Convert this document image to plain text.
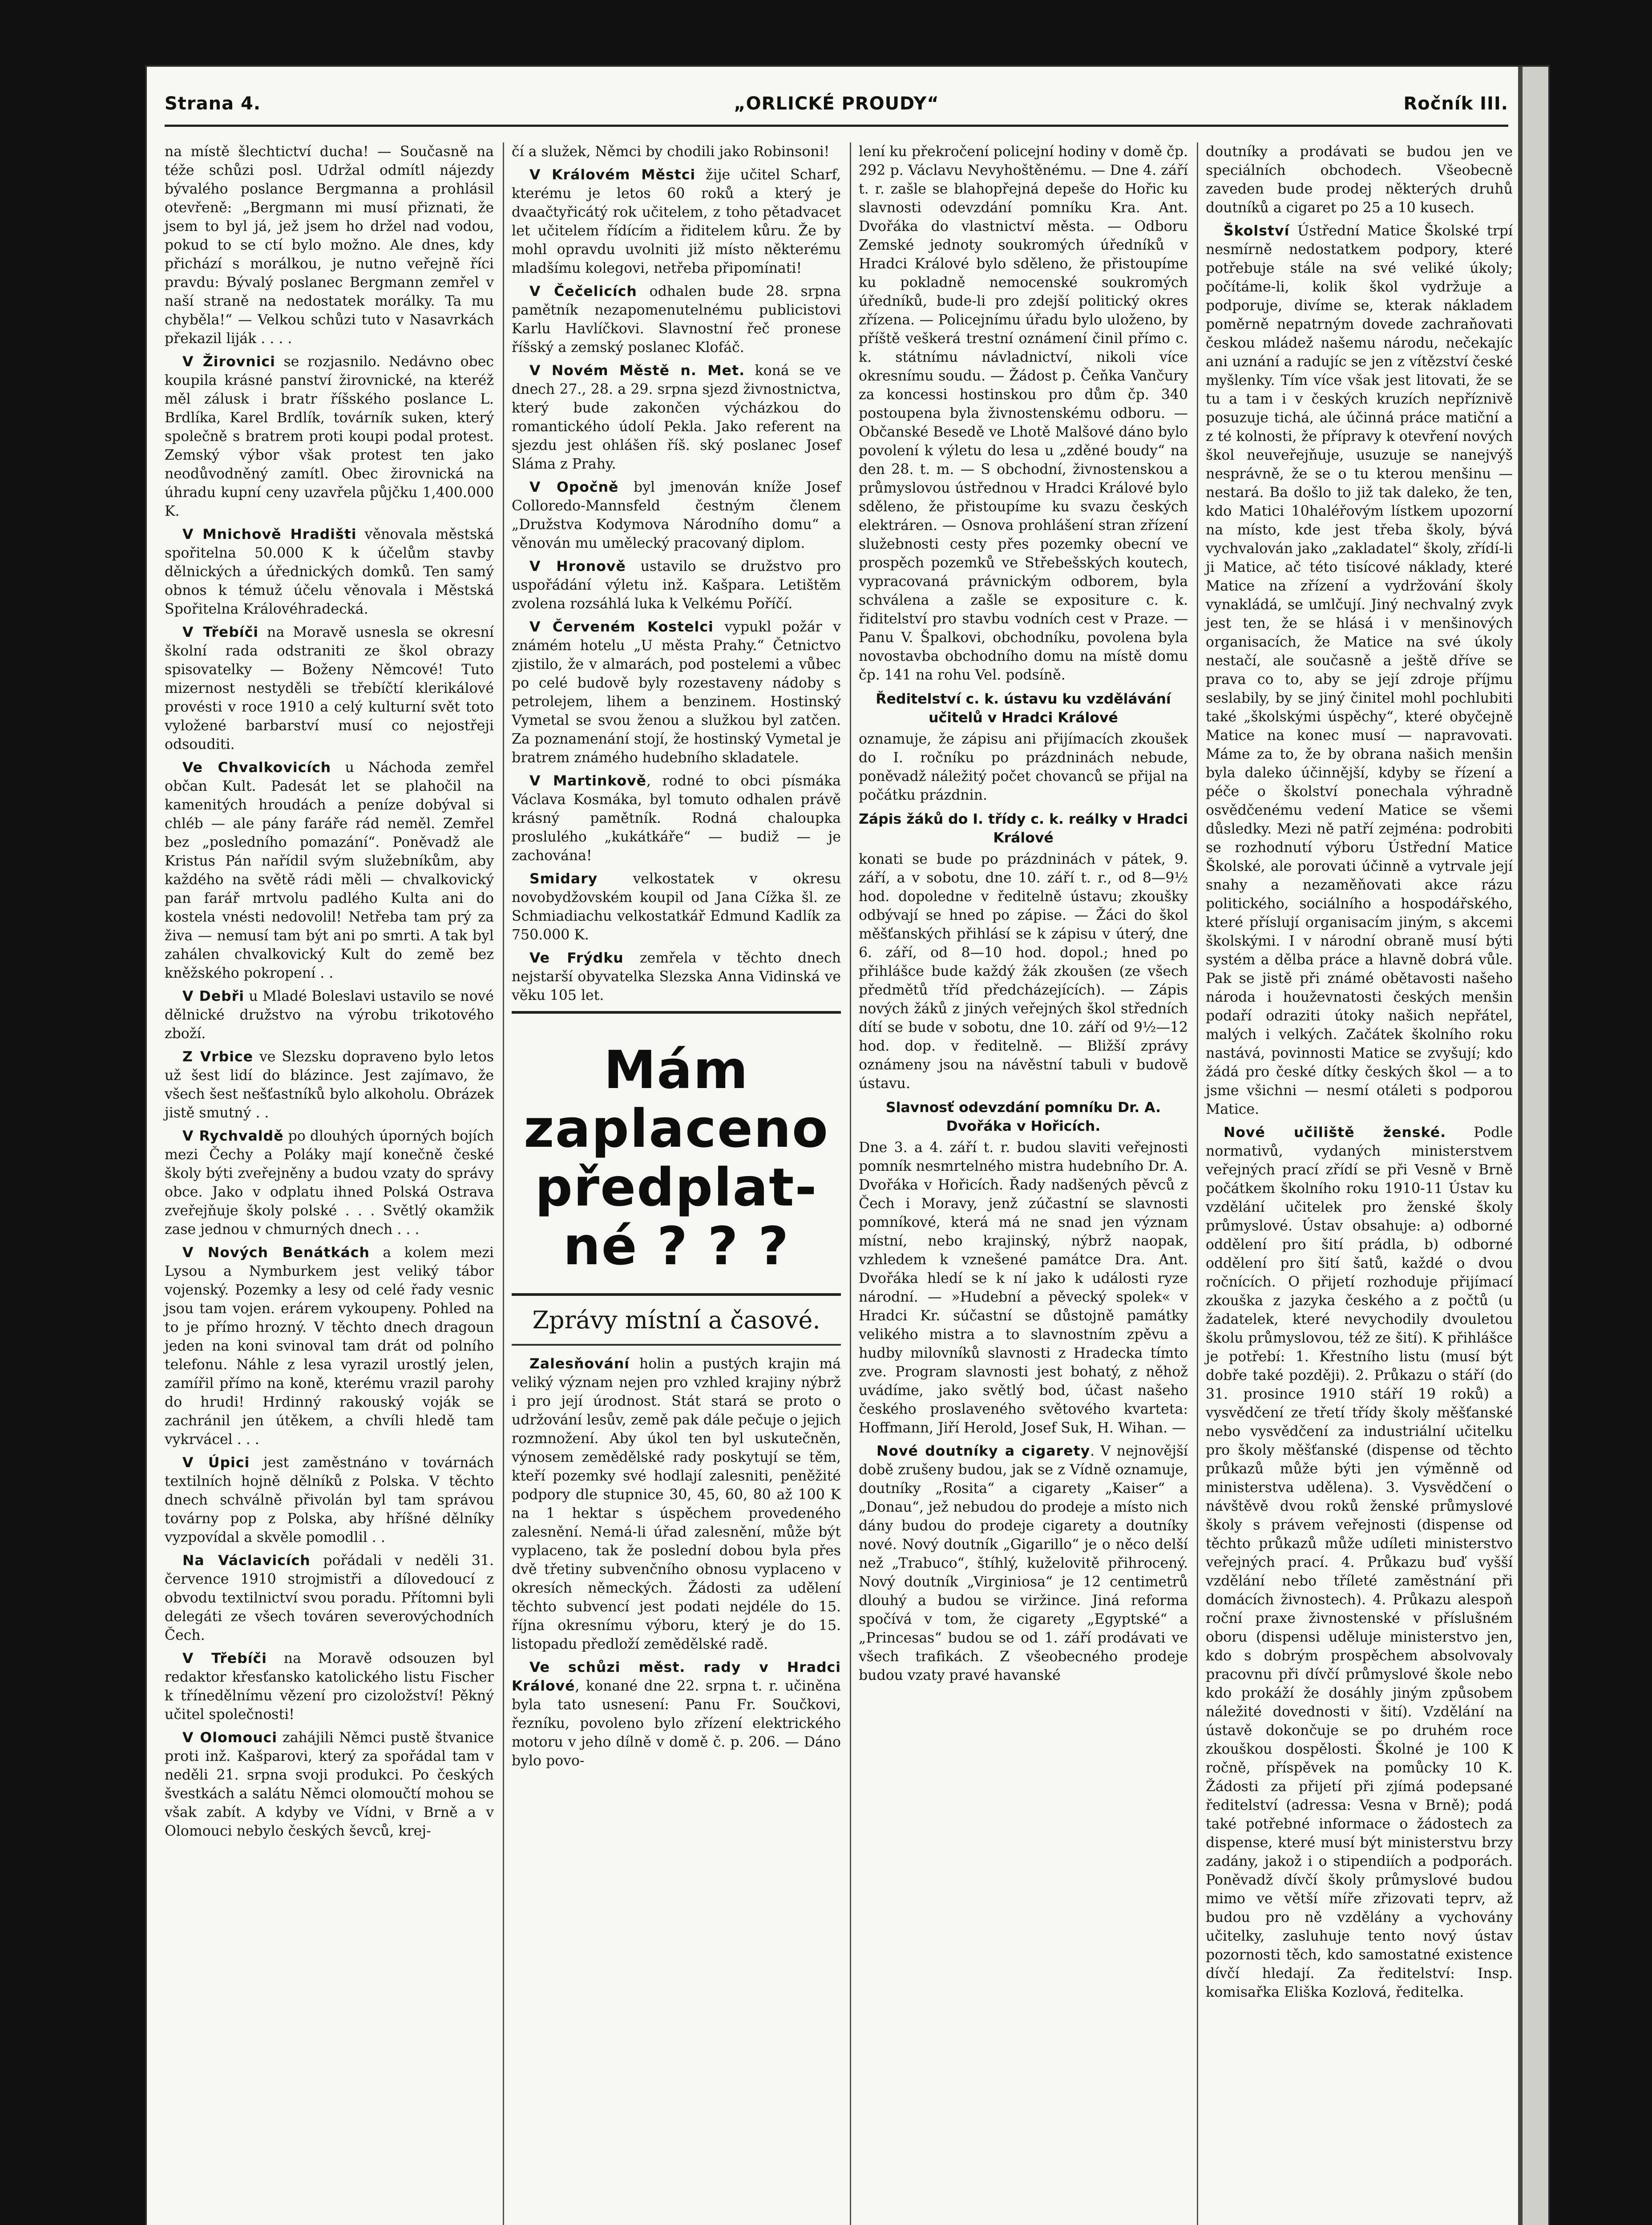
Strana 4.	„ORLICKÉ PROUDY“	Ročník III.

na místě šlechtictví ducha! — Současně na téže schůzi posl. Udržal odmítl nájezdy bývalého poslance Bergmanna a prohlásil otevřeně: „Bergmann mi musí přiznati, že jsem to byl já, jež jsem ho držel nad vodou, pokud to se ctí bylo možno. Ale dnes, kdy přichází s morálkou, je nutno veřejně říci pravdu: Bývalý poslanec Bergmann zemřel v naší straně na nedostatek morálky. Ta mu chyběla!“ — Velkou schůzi tuto v Nasavrkách překazil liják . . . .

V Žirovnici se rozjasnilo. Nedávno obec koupila krásné panství žirovnické, na kteréž měl zálusk i bratr říšského poslance L. Brdlíka, Karel Brdlík, továrník suken, který společně s bratrem proti koupi podal protest. Zemský výbor však protest ten jako neodůvodněný zamítl. Obec žirovnická na úhradu kupní ceny uzavřela půjčku 1,400.000 K.

V Mnichově Hradišti věnovala městská spořitelna 50.000 K k účelům stavby dělnických a úřednických domků. Ten samý obnos k témuž účelu věnovala i Městská Spořitelna Královéhradecká.

V Třebíči na Moravě usnesla se okresní školní rada odstraniti ze škol obrazy spisovatelky — Boženy Němcové! Tuto mizernost nestyděli se třebíčtí klerikálové provésti v roce 1910 a celý kulturní svět toto vyložené barbarství musí co nejostřeji odsouditi.

Ve Chvalkovicích u Náchoda zemřel občan Kult. Padesát let se plahočil na kamenitých hroudách a peníze dobýval si chléb — ale pány faráře rád neměl. Zemřel bez „posledního pomazání“. Poněvadž ale Kristus Pán nařídil svým služebníkům, aby každého na světě rádi měli — chvalkovický pan farář mrtvolu padlého Kulta ani do kostela vnésti nedovolil! Netřeba tam prý za živa — nemusí tam být ani po smrti. A tak byl zahálen chvalkovický Kult do země bez kněžského pokropení . .

V Debři u Mladé Boleslavi ustavilo se nové dělnické družstvo na výrobu trikotového zboží.

Z Vrbice ve Slezsku dopraveno bylo letos už šest lidí do blázince. Jest zajímavo, že všech šest nešťastníků bylo alkoholu. Obrázek jistě smutný . .

V Rychvaldě po dlouhých úporných bojích mezi Čechy a Poláky mají konečně české školy býti zveřejněny a budou vzaty do správy obce. Jako v odplatu ihned Polská Ostrava zveřejňuje školy polské . . . Světlý okamžik zase jednou v chmurných dnech . . .

V Nových Benátkách a kolem mezi Lysou a Nymburkem jest veliký tábor vojenský. Pozemky a lesy od celé řady vesnic jsou tam vojen. erárem vykoupeny. Pohled na to je přímo hrozný. V těchto dnech dragoun jeden na koni svinoval tam drát od polního telefonu. Náhle z lesa vyrazil urostlý jelen, zamířil přímo na koně, kterému vrazil parohy do hrudi! Hrdinný rakouský voják se zachránil jen útěkem, a chvíli hledě tam vykrvácel . . .

V Úpici jest zaměstnáno v továrnách textilních hojně dělníků z Polska. V těchto dnech schválně přivolán byl tam správou továrny pop z Polska, aby hříšné dělníky vyzpovídal a skvěle pomodlil . .

Na Václavicích pořádali v neděli 31. července 1910 strojmistři a dílovedoucí z obvodu textilnictví svou poradu. Přítomni byli delegáti ze všech továren severovýchodních Čech.

V Třebíči na Moravě odsouzen byl redaktor křesťansko katolického listu Fischer k třínedělnímu vězení pro cizoložství! Pěkný učitel společnosti!

V Olomouci zahájili Němci pustě štvanice proti inž. Kašparovi, který za spořádal tam v neděli 21. srpna svoji produkci. Po českých švestkách a salátu Němci olomoučtí mohou se však zabít. A kdyby ve Vídni, v Brně a v Olomouci nebylo českých ševců, krej-

čí a služek, Němci by chodili jako Robinsoni!

V Královém Městci žije učitel Scharf, kterému je letos 60 roků a který je dvaačtyřicátý rok učitelem, z toho pětadvacet let učitelem řídícím a řiditelem kůru. Že by mohl opravdu uvolniti již místo některému mladšímu kolegovi, netřeba připomínati!

V Čečelicích odhalen bude 28. srpna pamětník nezapomenutelnému publicistovi Karlu Havlíčkovi. Slavnostní řeč pronese říšský a zemský poslanec Klofáč.

V Novém Městě n. Met. koná se ve dnech 27., 28. a 29. srpna sjezd živnostnictva, který bude zakončen výcházkou do romantického údolí Pekla. Jako referent na sjezdu jest ohlášen říš. ský poslanec Josef Sláma z Prahy.

V Opočně byl jmenován kníže Josef Colloredo-Mannsfeld čestným členem „Družstva Kodymova Národního domu“ a věnován mu umělecký pracovaný diplom.

V Hronově ustavilo se družstvo pro uspořádání výletu inž. Kašpara. Letištěm zvolena rozsáhlá luka k Velkému Poříčí.

V Červeném Kostelci vypukl požár v známém hotelu „U města Prahy.“ Četnictvo zjistilo, že v almarách, pod postelemi a vůbec po celé budově byly rozestaveny nádoby s petrolejem, lihem a benzinem. Hostinský Vymetal se svou ženou a služkou byl zatčen. Za poznamenání stojí, že hostinský Vymetal je bratrem známého hudebního skladatele.

V Martinkově, rodné to obci písmáka Václava Kosmáka, byl tomuto odhalen právě krásný pamětník. Rodná chaloupka proslulého „kukátkáře“ — budiž — je zachována!

Smidary velkostatek v okresu novobydžovském koupil od Jana Cížka šl. ze Schmiadiachu velkostatkář Edmund Kadlík za 750.000 K.

Ve Frýdku zemřela v těchto dnech nejstarší obyvatelka Slezska Anna Vidinská ve věku 105 let.

Mám
zaplaceno
předplat-
né ? ? ?
Zprávy místní a časové.

Zalesňování holin a pustých krajin má veliký význam nejen pro vzhled krajiny nýbrž i pro její úrodnost. Stát stará se proto o udržování lesův, země pak dále pečuje o jejich rozmnožení. Aby úkol ten byl uskutečněn, výnosem zemědělské rady poskytují se těm, kteří pozemky své hodlají zalesniti, peněžité podpory dle stupnice 30, 45, 60, 80 až 100 K na 1 hektar s úspěchem provedeného zalesnění. Nemá-li úřad zalesnění, může být vyplaceno, tak že poslední dobou byla přes dvě třetiny subvenčního obnosu vyplaceno v okresích německých. Žádosti za udělení těchto subvencí jest podati nejdéle do 15. října okresnímu výboru, který je do 15. listopadu předloží zemědělské radě.

Ve schůzi měst. rady v Hradci Králové, konané dne 22. srpna t. r. učiněna byla tato usnesení: Panu Fr. Součkovi, řezníku, povoleno bylo zřízení elektrického motoru v jeho dílně v domě č. p. 206. — Dáno bylo povo-

lení ku překročení policejní hodiny v domě čp. 292 p. Václavu Nevyhoštěnému. — Dne 4. září t. r. zašle se blahopřejná depeše do Hořic ku slavnosti odevzdání pomníku Kra. Ant. Dvořáka do vlastnictví města. — Odboru Zemské jednoty soukromých úředníků v Hradci Králové bylo sděleno, že přistoupíme ku pokladně nemocenské soukromých úředníků, bude-li pro zdejší politický okres zřízena. — Policejnímu úřadu bylo uloženo, by příště veškerá trestní oznámení činil přímo c. k. státnímu návladnictví, nikoli více okresnímu soudu. — Žádost p. Čeňka Vančury za koncessi hostinskou pro dům čp. 340 postoupena byla živnostenskému odboru. — Občanské Besedě ve Lhotě Malšové dáno bylo povolení k výletu do lesa u „zděné boudy“ na den 28. t. m. — S obchodní, živnostenskou a průmyslovou ústřednou v Hradci Králové bylo sděleno, že přistoupíme ku svazu českých elektráren. — Osnova prohlášení stran zřízení služebnosti cesty přes pozemky obecní ve prospěch pozemků ve Střebešských koutech, vypracovaná právnickým odborem, byla schválena a zašle se expositure c. k. řiditelství pro stavbu vodních cest v Praze. — Panu V. Špalkovi, obchodníku, povolena byla novostavba obchodního domu na místě domu čp. 141 na rohu Vel. podsíně.

Ředitelství c. k. ústavu ku vzdělávání učitelů v Hradci Králové

oznamuje, že zápisu ani přijímacích zkoušek do I. ročníku po prázdninách nebude, poněvadž náležitý počet chovanců se přijal na počátku prázdnin.

Zápis žáků do I. třídy c. k. reálky v Hradci Králové

konati se bude po prázdninách v pátek, 9. září, a v sobotu, dne 10. září t. r., od 8—9½ hod. dopoledne v ředitelně ústavu; zkoušky odbývají se hned po zápise. — Žáci do škol měšťanských přihlásí se k zápisu v úterý, dne 6. září, od 8—10 hod. dopol.; hned po přihlášce bude každý žák zkoušen (ze všech předmětů tříd předcházejících). — Zápis nových žáků z jiných veřejných škol středních dítí se bude v sobotu, dne 10. září od 9½—12 hod. dop. v ředitelně. — Bližší zprávy oznámeny jsou na návěstní tabuli v budově ústavu.

Slavnosť odevzdání pomníku Dr. A. Dvořáka v Hořicích.

Dne 3. a 4. září t. r. budou slaviti veřejnosti pomník nesmrtelného mistra hudebního Dr. A. Dvořáka v Hořicích. Řady nadšených pěvců z Čech i Moravy, jenž zúčastní se slavnosti pomníkové, která má ne snad jen význam místní, nebo krajinský, nýbrž naopak, vzhledem k vznešené památce Dra. Ant. Dvořáka hledí se k ní jako k události ryze národní. — »Hudební a pěvecký spolek« v Hradci Kr. súčastní se důstojně památky velikého mistra a to slavnostním zpěvu a hudby milovníků slavnosti z Hradecka tímto zve. Program slavnosti jest bohatý, z něhož uvádíme, jako světlý bod, účast našeho českého proslaveného světového kvarteta: Hoffmann, Jiří Herold, Josef Suk, H. Wihan. —

Nové doutníky a cigarety. V nejnovější době zrušeny budou, jak se z Vídně oznamuje, doutníky „Rosita“ a cigarety „Kaiser“ a „Donau“, jež nebudou do prodeje a místo nich dány budou do prodeje cigarety a doutníky nové. Nový doutník „Gigarillo“ je o něco delší než „Trabuco“, štíhlý, kuželovitě přihrocený. Nový doutník „Virginiosa“ je 12 centimetrů dlouhý a budou se viržince. Jiná reforma spočívá v tom, že cigarety „Egyptské“ a „Princesas“ budou se od 1. září prodávati ve všech trafikách. Z všeobecného prodeje budou vzaty pravé havanské

doutníky a prodávati se budou jen ve speciálních obchodech. Všeobecně zaveden bude prodej některých druhů doutníků a cigaret po 25 a 10 kusech.

Školství Ústřední Matice Školské trpí nesmírně nedostatkem podpory, které potřebuje stále na své veliké úkoly; počítáme-li, kolik škol vydržuje a podporuje, divíme se, kterak nákladem poměrně nepatrným dovede zachraňovati českou mládež našemu národu, nečekajíc ani uznání a radujíc se jen z vítězství české myšlenky. Tím více však jest litovati, že se tu a tam i v českých kruzích nepříznivě posuzuje tichá, ale účinná práce matiční a z té kolnosti, že přípravy k otevření nových škol neuveřejňuje, usuzuje se nanejvýš nesprávně, že se o tu kterou menšinu — nestará. Ba došlo to již tak daleko, že ten, kdo Matici 10haléřovým lístkem upozorní na místo, kde jest třeba školy, bývá vychvalován jako „zakladatel“ školy, zřídí-li ji Matice, ač této tisícové náklady, které Matice na zřízení a vydržování školy vynakládá, se umlčují. Jiný nechvalný zvyk jest ten, že se hlásá i v menšinových organisacích, že Matice na své úkoly nestačí, ale současně a ještě dříve se prava co to, aby se její zdroje příjmu seslabily, by se jiný činitel mohl pochlubiti také „školskými úspěchy“, které obyčejně Matice na konec musí — napravovati. Máme za to, že by obrana našich menšin byla daleko účinnější, kdyby se řízení a péče o školství ponechala výhradně osvědčenému vedení Matice se všemi důsledky. Mezi ně patří zejména: podrobiti se rozhodnutí výboru Ústřední Matice Školské, ale porovati účinně a vytrvale její snahy a nezaměňovati akce rázu politického, sociálního a hospodářského, které příslují organisacím jiným, s akcemi školskými. I v národní obraně musí býti systém a dělba práce a hlavně dobrá vůle. Pak se jistě při známé obětavosti našeho národa i houževnatosti českých menšin podaří odraziti útoky našich nepřátel, malých i velkých. Začátek školního roku nastává, povinnosti Matice se zvyšují; kdo žádá pro české dítky českých škol — a to jsme všichni — nesmí otáleti s podporou Matice.

Nové učiliště ženské. Podle normativů, vydaných ministerstvem veřejných prací zřídí se při Vesně v Brně počátkem školního roku 1910-11 Ústav ku vzdělání učitelek pro ženské školy průmyslové. Ústav obsahuje: a) odborné oddělení pro šití prádla, b) odborné oddělení pro šití šatů, každé o dvou ročnících. O přijetí rozhoduje přijímací zkouška z jazyka českého a z počtů (u žadatelek, které nevychodily dvouletou školu průmyslovou, též ze šití). K přihlášce je potřebí: 1. Křestního listu (musí být dobře také později). 2. Průkazu o stáří (do 31. prosince 1910 stáří 19 roků) a vysvědčení ze třetí třídy školy měšťanské nebo vysvědčení za industriální učitelku pro školy měšťanské (dispense od těchto průkazů může býti jen výměnně od ministerstva udělena). 3. Vysvědčení o návštěvě dvou roků ženské průmyslové školy s právem veřejnosti (dispense od těchto průkazů může udíleti ministerstvo veřejných prací. 4. Průkazu buď vyšší vzdělání nebo tříleté zaměstnání při domácích živnostech). 4. Průkazu alespoň roční praxe živnostenské v příslušném oboru (dispensi uděluje ministerstvo jen, kdo s dobrým prospěchem absolvovaly pracovnu při dívčí průmyslové škole nebo kdo prokáží že dosáhly jiným způsobem náležité dovednosti v šití). Vzdělání na ústavě dokončuje se po druhém roce zkouškou dospělosti. Školné je 100 K ročně, příspěvek na pomůcky 10 K. Žádosti za přijetí při zjímá podepsané ředitelství (adressa: Vesna v Brně); podá také potřebné informace o žádostech za dispense, které musí být ministerstvu brzy zadány, jakož i o stipendiích a podporách. Poněvadž dívčí školy průmyslové budou mimo ve větší míře zřizovati teprv, až budou pro ně vzdělány a vychovány učitelky, zasluhuje tento nový ústav pozornosti těch, kdo samostatné existence dívčí hledají. Za ředitelství: Insp. komisařka Eliška Kozlová, ředitelka.
